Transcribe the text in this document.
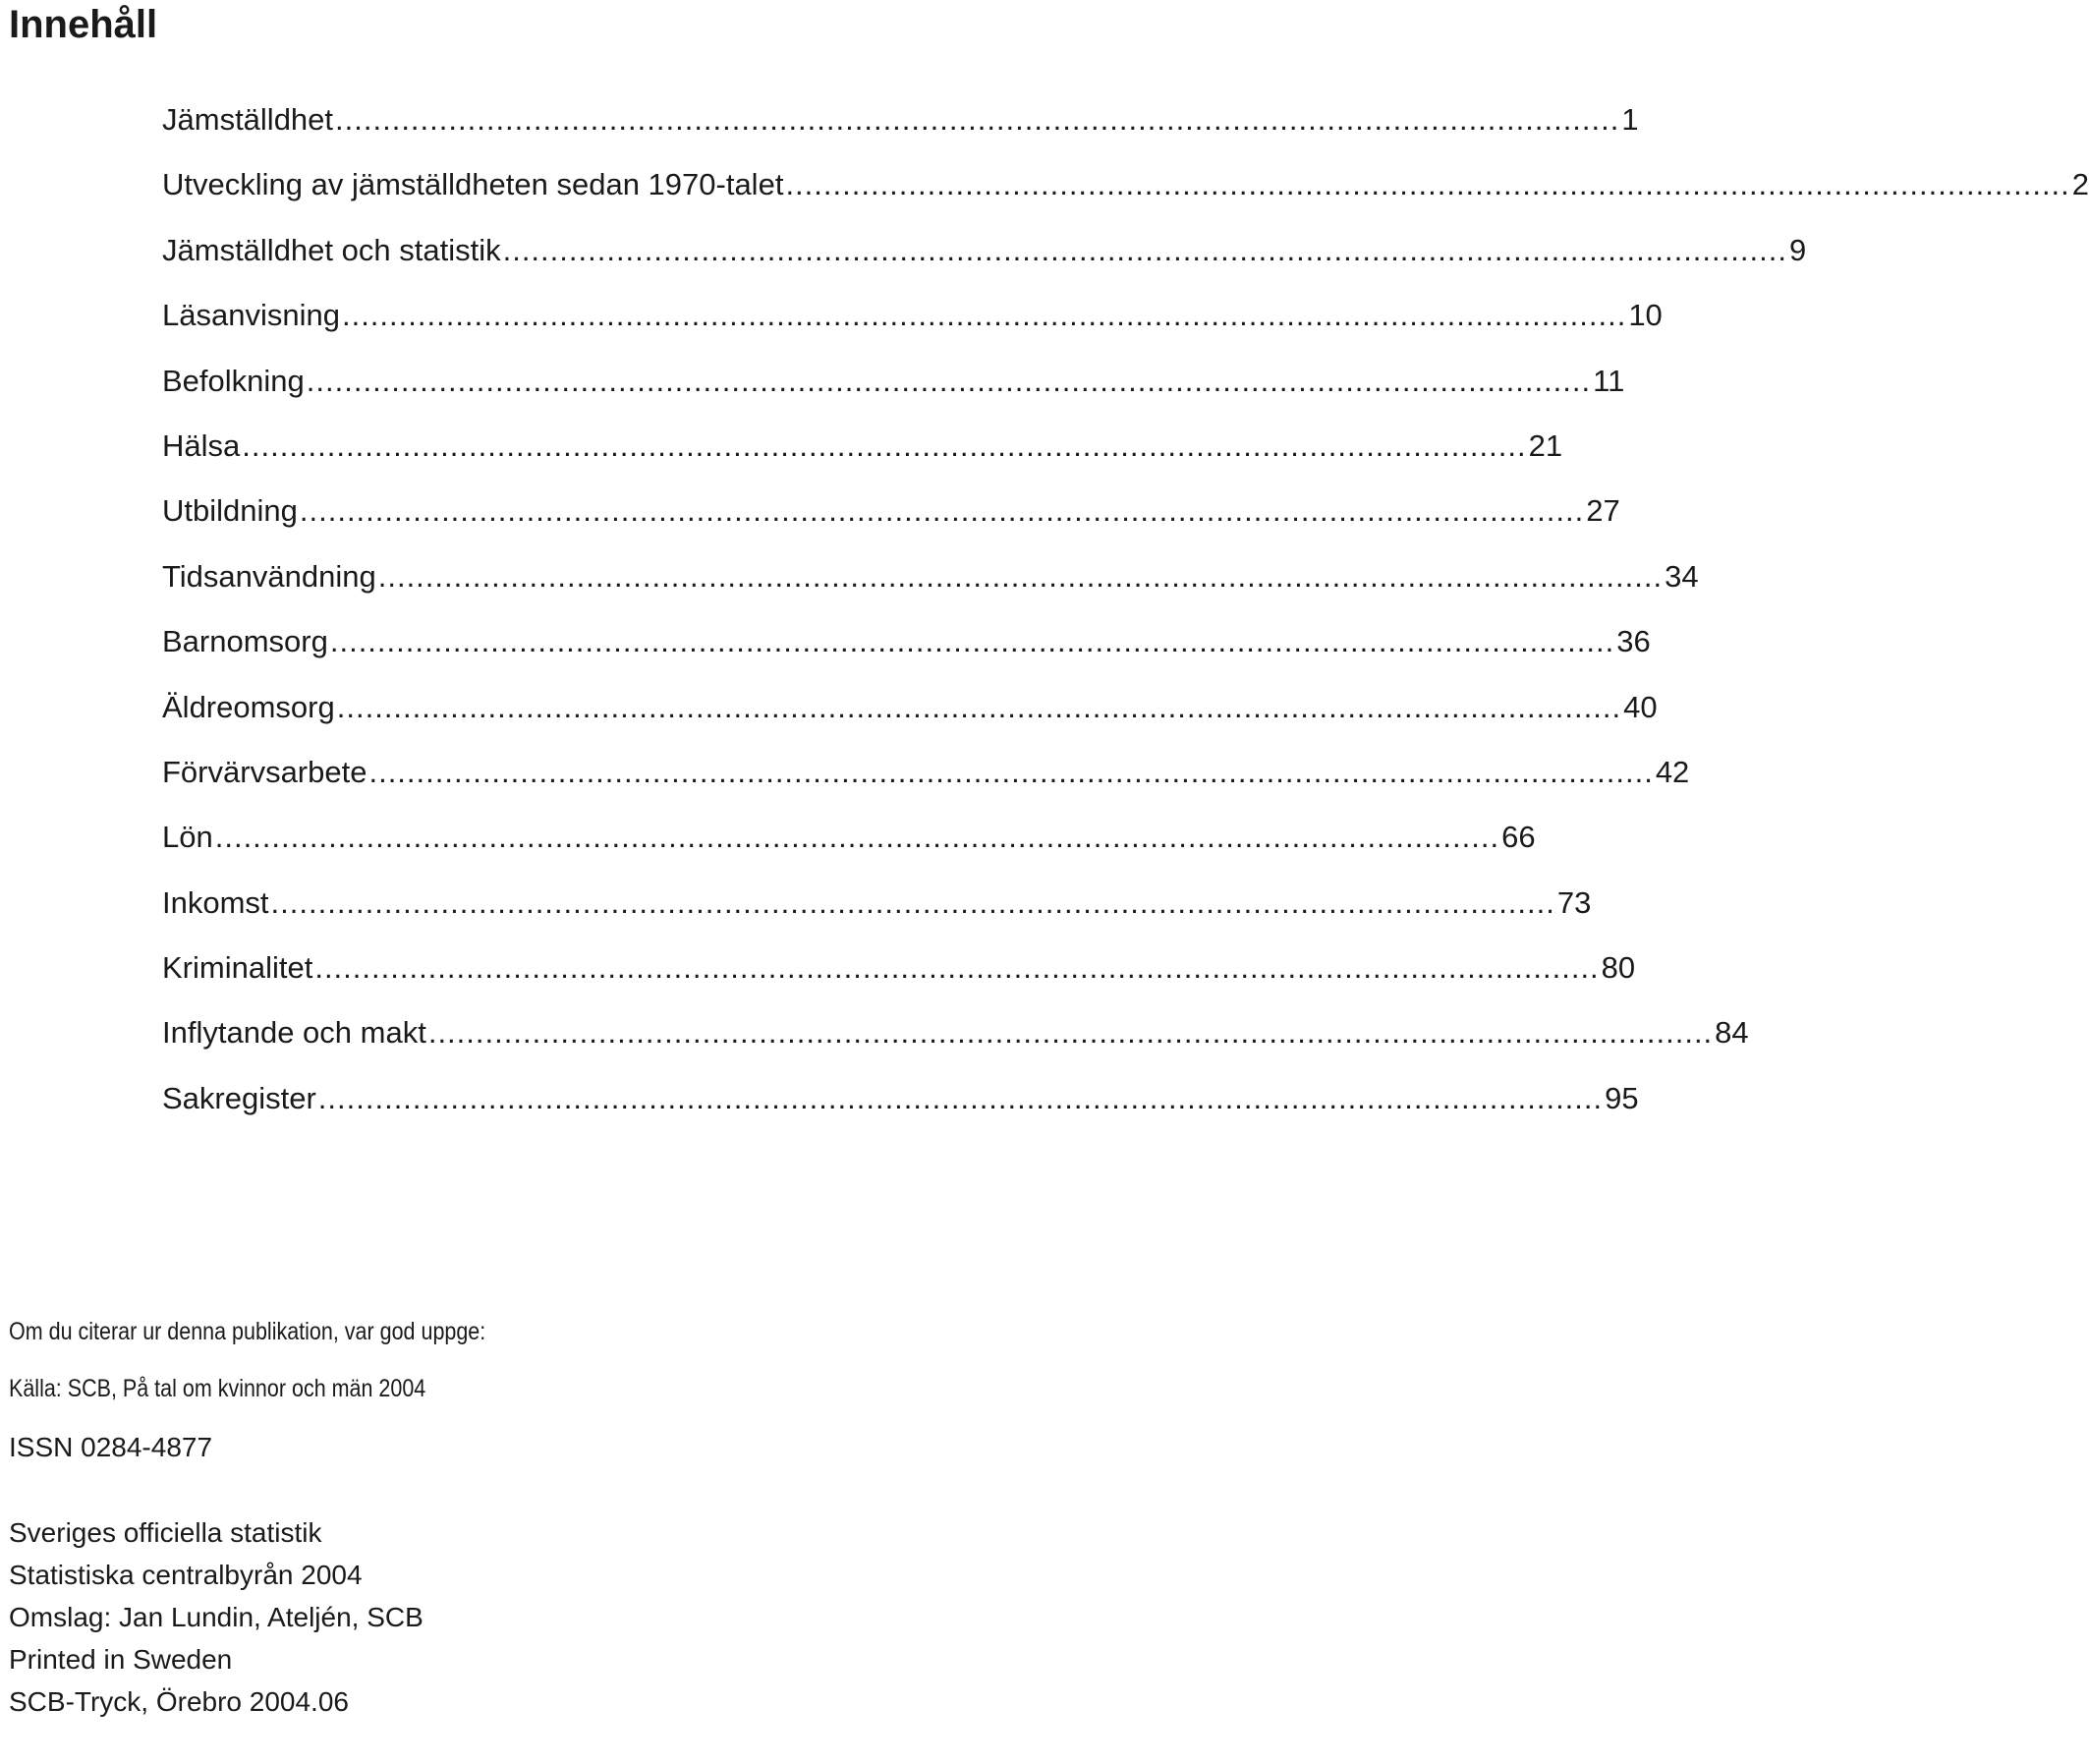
Innehåll
Jämställdhet ........................................................................................................................................ 1
Utveckling av jämställdheten sedan 1970-talet ........................................................................................................................................ 2
Jämställdhet och statistik ........................................................................................................................................ 9
Läsanvisning ........................................................................................................................................ 10
Befolkning ........................................................................................................................................ 11
Hälsa ........................................................................................................................................ 21
Utbildning ........................................................................................................................................ 27
Tidsanvändning ........................................................................................................................................ 34
Barnomsorg ........................................................................................................................................ 36
Äldreomsorg ........................................................................................................................................ 40
Förvärvsarbete ........................................................................................................................................ 42
Lön ........................................................................................................................................ 66
Inkomst ........................................................................................................................................ 73
Kriminalitet ........................................................................................................................................ 80
Inflytande och makt ........................................................................................................................................ 84
Sakregister ........................................................................................................................................ 95
Om du citerar ur denna publikation, var god uppge:
Källa: SCB, På tal om kvinnor och män 2004
ISSN 0284-4877
Sveriges officiella statistik
Statistiska centralbyrån 2004
Omslag: Jan Lundin, Ateljén, SCB
Printed in Sweden
SCB-Tryck, Örebro 2004.06
